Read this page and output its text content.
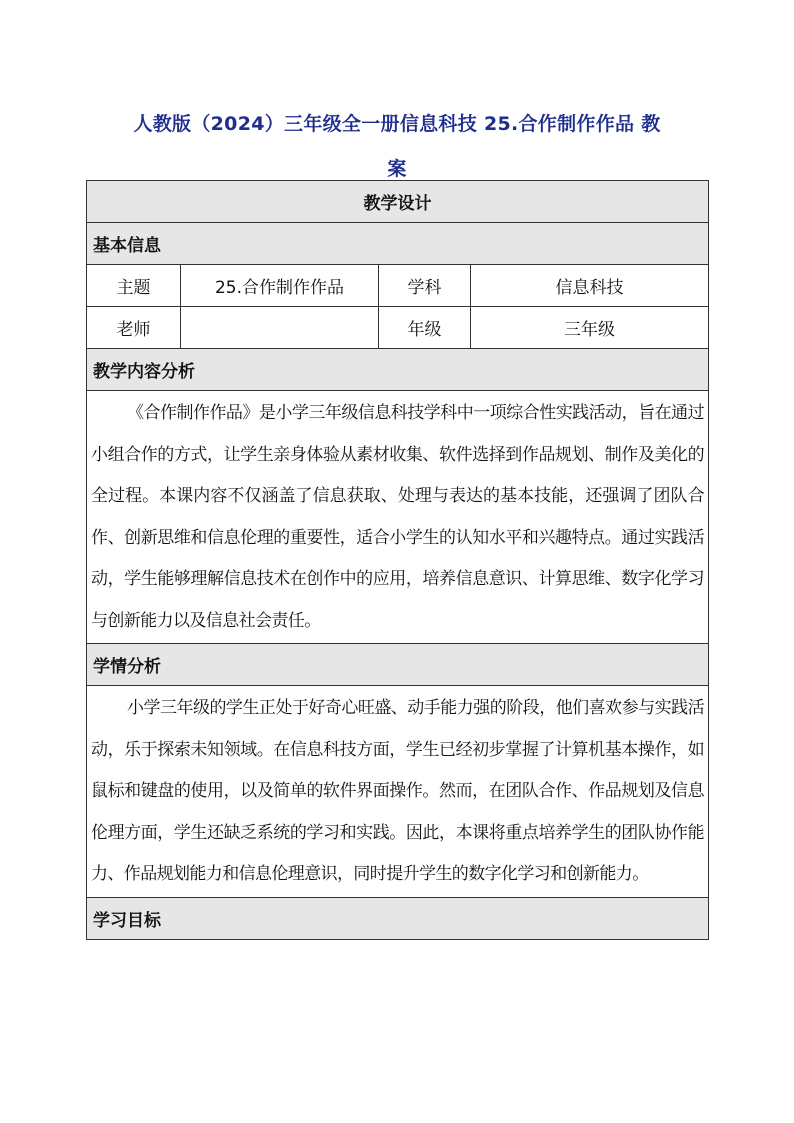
人教版（2024）三年级全一册信息科技 25.合作制作作品 教
案
教学设计			
基本信息			
主题	25.合作制作作品	学科	信息科技
老师		年级	三年级
教学内容分析			
《合作制作作品》是小学三年级信息科技学科中一项综合性实践活动，旨在通过小组合作的方式，让学生亲身体验从素材收集、软件选择到作品规划、制作及美化的全过程。本课内容不仅涵盖了信息获取、处理与表达的基本技能，还强调了团队合作、创新思维和信息伦理的重要性，适合小学生的认知水平和兴趣特点。通过实践活动，学生能够理解信息技术在创作中的应用，培养信息意识、计算思维、数字化学习与创新能力以及信息社会责任。			
学情分析			
小学三年级的学生正处于好奇心旺盛、动手能力强的阶段，他们喜欢参与实践活动，乐于探索未知领域。在信息科技方面，学生已经初步掌握了计算机基本操作，如鼠标和键盘的使用，以及简单的软件界面操作。然而，在团队合作、作品规划及信息伦理方面，学生还缺乏系统的学习和实践。因此，本课将重点培养学生的团队协作能力、作品规划能力和信息伦理意识，同时提升学生的数字化学习和创新能力。			
学习目标			
